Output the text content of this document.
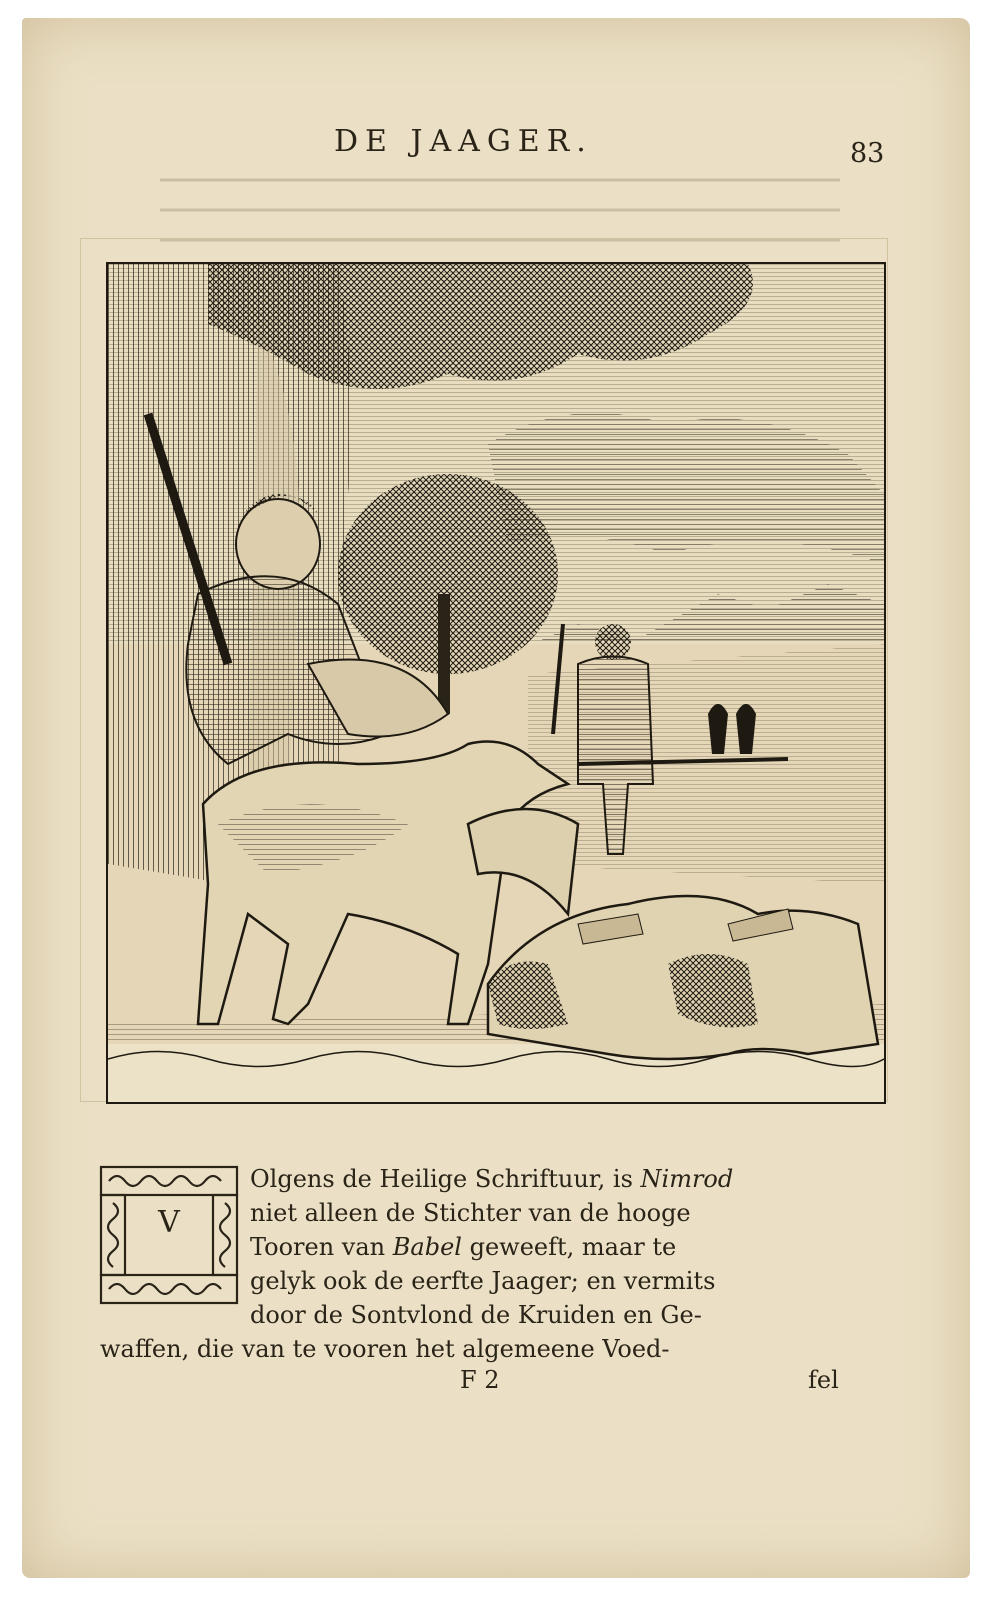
DE JAAGER.	83
V
Olgens de Heilige Schriftuur, is Nimrod
niet alleen de Stichter van de hooge
Tooren van Babel geweeft, maar te
gelyk ook de eerfte Jaager; en vermits
door de Sontvlond de Kruiden en Ge-
waffen, die van te vooren het algemeene Voed-
F 2	fel
